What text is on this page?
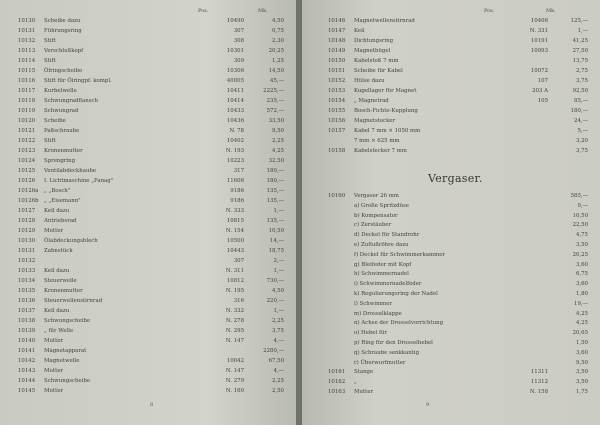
Pos.	Mk.
10130 Scheibe dazu	10490	4,50
10131 Führungsring	307	0,75
10132 Stift	308	2,30
10113 Verschlußkopf	10301	20,25
10114 Stift	309	1,25
10115 Ölringscheibe	10306	14,50
10116 Stift für Ölringpf. kompl.	40005	45,—
10117 Kurbelwelle	10411	2225,—
10118 Schwungradflansch	10414	235,—
10119 Schwungrad	10433	572,—
10120 Scheibe	10436	33,50
10121 Paßschraube	N. 78	9,50
10122 Stift	10402	2,25
10123 Kronenmutter	N. 193	4,25
10124 Sprengring	10223	32,50
10125 Ventilabdeckhaube	317	180,—
10126 I. Lichtmaschine „Fanag"	11606	180,—
10126a „ „Bosch"	9186	135,—
10126b „ „Eisemann"	9186	135,—
10127 Keil dazu	N. 333	1,—
10128 Antriebsrad	10815	135,—
10129 Mutter	N. 154	10,50
10130 Ölabdeckungsblech	10500	14,—
10131 Zahnstück	10443	18,75
10132	307	2,—
10133 Keil dazu	N. 311	1,—
10134 Steuerwelle	10812	730,—
10135 Kronenmutter	N. 195	4,50
10136 Steuerwellenstirnrad	316	220,—
10137 Keil dazu	N. 332	1,—
10138 Schwungscheibe	N. 278	2,25
10139 „ für Welle	N. 295	3,75
10140 Mutter	N. 147	4,—
10141 Magnetapparat	2280,—
10142 Magnetwelle	10042	67,50
10143 Mutter	N. 147	4,—
10144 Schwungscheibe	N. 279	2,25
10145 Mutter	N. 160	2,50
8
Pos.	Mk.
10146 Magnetwellenstirnrad	10406	125,—
10147 Keil	N. 331	1,—
10148 Dichtungsring	10191	41,25
10149 Magnetbügel	10093	27,50
10150 Kabelstoß 7 mm	13,75
10151 Scheibe für Kabel	10072	2,75
10152 Hülse dazu	107	3,75
10153 Kugellager für Magnet	203 A	92,50
10154 „ Magnetrad	105	85,—
10155 Bosch-Fichte-Kupplung	180,—
10156 Magnetstecker	24,—
10157 Kabel 7 mm × 1050 mm	5,—
7 mm × 625 mm	3,20
10158 Kabelstecker 7 mm	3,75
Vergaser.
10160 Vergaser 26 mm	585,—
a) Große Spritzdüse	9,—
b) Kompensator	10,50
c) Zerstäuber	22,50
d) Deckel für Standrohr	4,75
e) Zuflußröhre dazu	3,50
f) Deckel für Schwimmerkammer	20,25
g) Bleifeder mit Kopf	3,60
h) Schwimmernadel	6,75
i) Schwimmernadelfeder	3,60
k) Regulierungsring der Nadel	1,80
l) Schwimmer	19,—
m) Drosselklappe	4,25
n) Achse der Drosselvorrichtung	4,25
o) Hebel für	20,65
p) Ring für den Drosselhebel	1,50
q) Schraube senkkantig	3,60
r) Überwurfmutter	9,50
10161 Stange	11311	3,50
10162 „	11312	3,50
10163 Mutter	N. 158	1,75
9
